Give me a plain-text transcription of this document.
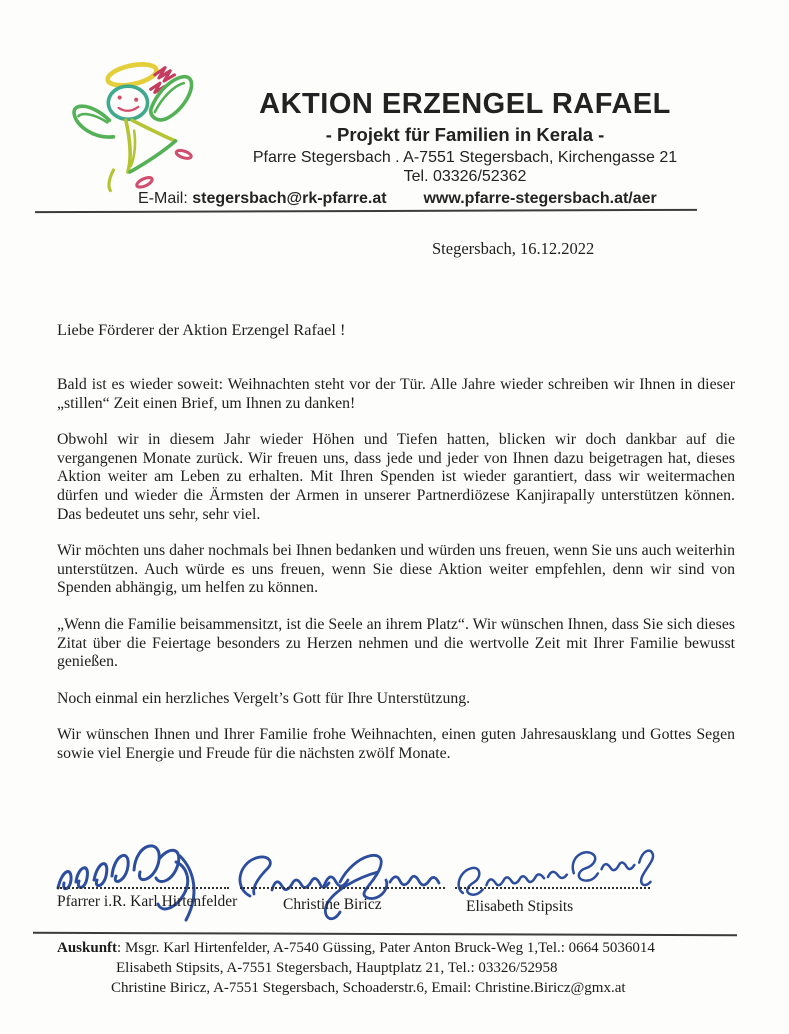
AKTION ERZENGEL RAFAEL
- Projekt für Familien in Kerala -
Pfarre Stegersbach . A-7551 Stegersbach, Kirchengasse 21
Tel. 03326/52362
E-Mail: stegersbach@rk-pfarre.at www.pfarre-stegersbach.at/aer
Stegersbach, 16.12.2022
Liebe Förderer der Aktion Erzengel Rafael !

Bald ist es wieder soweit: Weihnachten steht vor der Tür. Alle Jahre wieder schreiben wir Ihnen in dieser „stillen“ Zeit einen Brief, um Ihnen zu danken!

Obwohl wir in diesem Jahr wieder Höhen und Tiefen hatten, blicken wir doch dankbar auf die vergangenen Monate zurück. Wir freuen uns, dass jede und jeder von Ihnen dazu beigetragen hat, dieses Aktion weiter am Leben zu erhalten. Mit Ihren Spenden ist wieder garantiert, dass wir weitermachen dürfen und wieder die Ärmsten der Armen in unserer Partnerdiözese Kanjirapally unterstützen können. Das bedeutet uns sehr, sehr viel.

Wir möchten uns daher nochmals bei Ihnen bedanken und würden uns freuen, wenn Sie uns auch weiterhin unterstützen. Auch würde es uns freuen, wenn Sie diese Aktion weiter empfehlen, denn wir sind von Spenden abhängig, um helfen zu können.

„Wenn die Familie beisammensitzt, ist die Seele an ihrem Platz“. Wir wünschen Ihnen, dass Sie sich dieses Zitat über die Feiertage besonders zu Herzen nehmen und die wertvolle Zeit mit Ihrer Familie bewusst genießen.

Noch einmal ein herzliches Vergelt’s Gott für Ihre Unterstützung.

Wir wünschen Ihnen und Ihrer Familie frohe Weihnachten, einen guten Jahresausklang und Gottes Segen sowie viel Energie und Freude für die nächsten zwölf Monate.

Pfarrer i.R. Karl Hirtenfelder	Christine Biricz	Elisabeth Stipsits
Auskunft: Msgr. Karl Hirtenfelder, A-7540 Güssing, Pater Anton Bruck-Weg 1,Tel.: 0664 5036014
Elisabeth Stipsits, A-7551 Stegersbach, Hauptplatz 21, Tel.: 03326/52958
Christine Biricz, A-7551 Stegersbach, Schoaderstr.6, Email: Christine.Biricz@gmx.at
